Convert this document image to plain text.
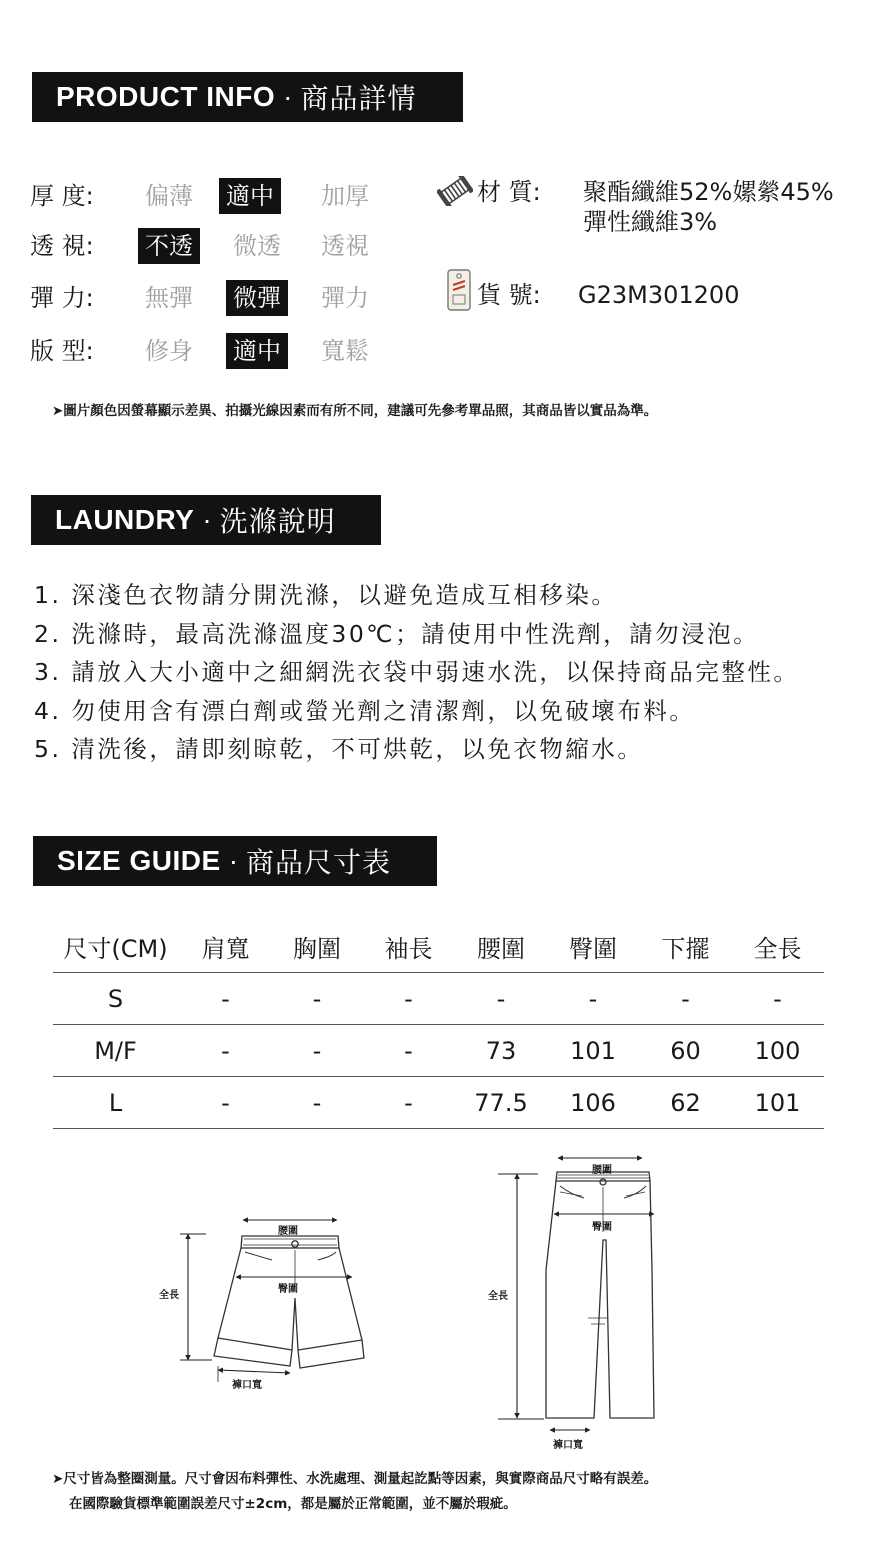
PRODUCT INFO · 商品詳情
厚 度: 偏薄 適中 加厚
透 視: 不透 微透 透視
彈 力: 無彈 微彈 彈力
版 型: 修身 適中 寬鬆
材 質: 聚酯纖維52%嫘縈45%
彈性纖維3%
貨 號: G23M301200
➤圖片顏色因螢幕顯示差異、拍攝光線因素而有所不同，建議可先參考單品照，其商品皆以實品為準。
LAUNDRY · 洗滌說明
1. 深淺色衣物請分開洗滌，以避免造成互相移染。
2. 洗滌時，最高洗滌溫度30℃；請使用中性洗劑，請勿浸泡。
3. 請放入大小適中之細網洗衣袋中弱速水洗，以保持商品完整性。
4. 勿使用含有漂白劑或螢光劑之清潔劑，以免破壞布料。
5. 清洗後，請即刻晾乾，不可烘乾，以免衣物縮水。
SIZE GUIDE · 商品尺寸表
尺寸(CM)	肩寬	胸圍	袖長	腰圍	臀圍	下擺	全長
S	-	-	-	-	-	-	-
M/F	-	-	-	73	101	60	100
L	-	-	-	77.5	106	62	101
腰圍
臀圍
全長
褲口寬
腰圍
臀圍
全長
褲口寬
➤尺寸皆為整圈測量。尺寸會因布料彈性、水洗處理、測量起訖點等因素，與實際商品尺寸略有誤差。
在國際驗貨標準範圍誤差尺寸±2cm，都是屬於正常範圍，並不屬於瑕疵。
